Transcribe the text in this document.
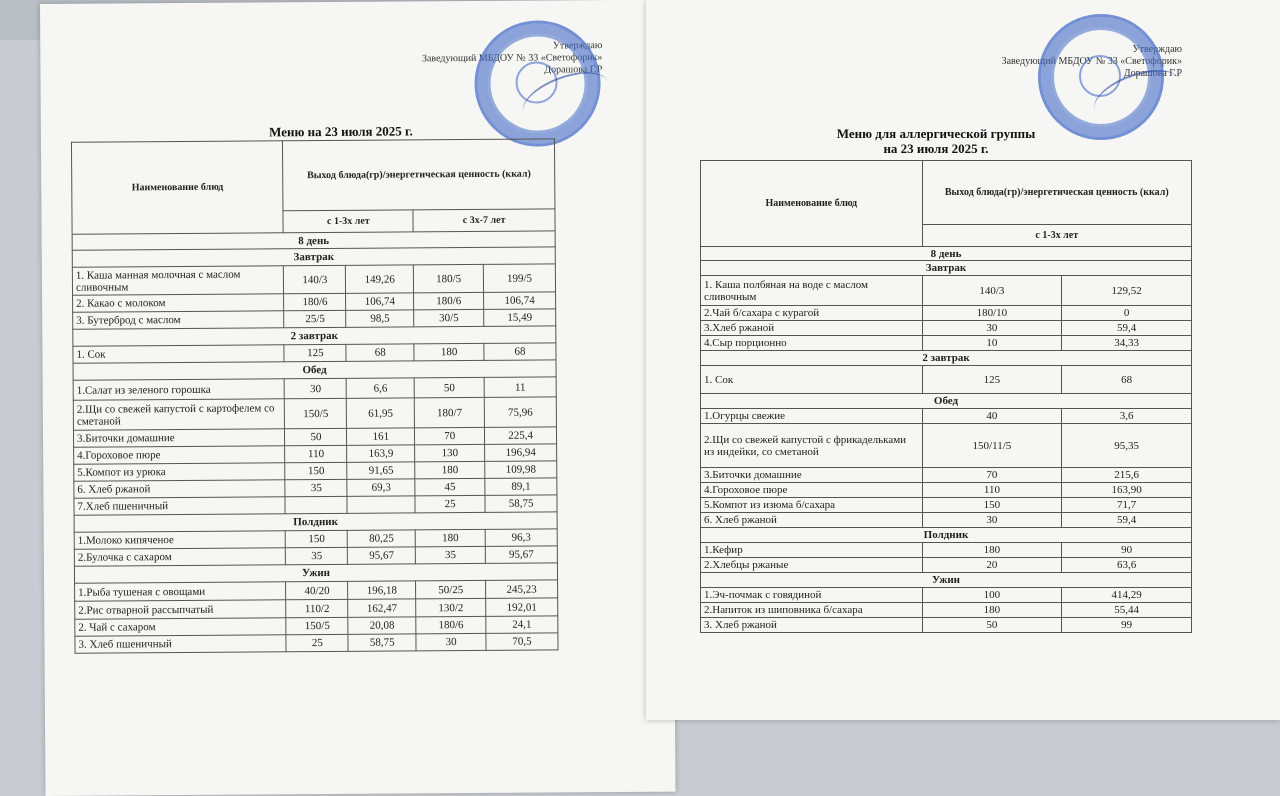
Утверждаю
Заведующий МБДОУ № 33 «Светофорик»
Дорашова Г.Р
Меню на 23 июля 2025 г.
Наименование блюд	Выход блюда(гр)/энергетическая ценность (ккал)			
	с 1-3х лет		с 3х-7 лет	
8 день				
Завтрак				
1. Каша манная молочная с маслом сливочным	140/3	149,26	180/5	199/5
2. Какао с молоком	180/6	106,74	180/6	106,74
3. Бутерброд с маслом	25/5	98,5	30/5	15,49
2 завтрак				
1. Сок	125	68	180	68
Обед				
1.Салат из зеленого горошка	30	6,6	50	11
2.Щи со свежей капустой с картофелем со сметаной	150/5	61,95	180/7	75,96
3.Биточки домашние	50	161	70	225,4
4.Гороховое пюре	110	163,9	130	196,94
5.Компот из урюка	150	91,65	180	109,98
6. Хлеб ржаной	35	69,3	45	89,1
7.Хлеб пшеничный			25	58,75
Полдник				
1.Молоко кипяченое	150	80,25	180	96,3
2.Булочка с сахаром	35	95,67	35	95,67
Ужин				
1.Рыба тушеная с овощами	40/20	196,18	50/25	245,23
2.Рис отварной рассыпчатый	110/2	162,47	130/2	192,01
2. Чай с сахаром	150/5	20,08	180/6	24,1
3. Хлеб пшеничный	25	58,75	30	70,5
Утверждаю
Заведующий МБДОУ № 33 «Светофорик»
Дорашова Г.Р
Меню для аллергической группы
на 23 июля 2025 г.
Наименование блюд	Выход блюда(гр)/энергетическая ценность (ккал)	
	с 1-3х лет	
8 день		
Завтрак		
1. Каша полбяная на воде с маслом сливочным	140/3	129,52
2.Чай б/сахара с курагой	180/10	0
3.Хлеб ржаной	30	59,4
4.Сыр порционно	10	34,33
2 завтрак		
1. Сок	125	68
Обед		
1.Огурцы свежие	40	3,6
2.Щи со свежей капустой с фрикадельками из индейки, со сметаной	150/11/5	95,35
3.Биточки домашние	70	215,6
4.Гороховое пюре	110	163,90
5.Компот из изюма б/сахара	150	71,7
6. Хлеб ржаной	30	59,4
Полдник		
1.Кефир	180	90
2.Хлебцы ржаные	20	63,6
Ужин		
1.Эч-почмак с говядиной	100	414,29
2.Напиток из шиповника б/сахара	180	55,44
3. Хлеб ржаной	50	99
